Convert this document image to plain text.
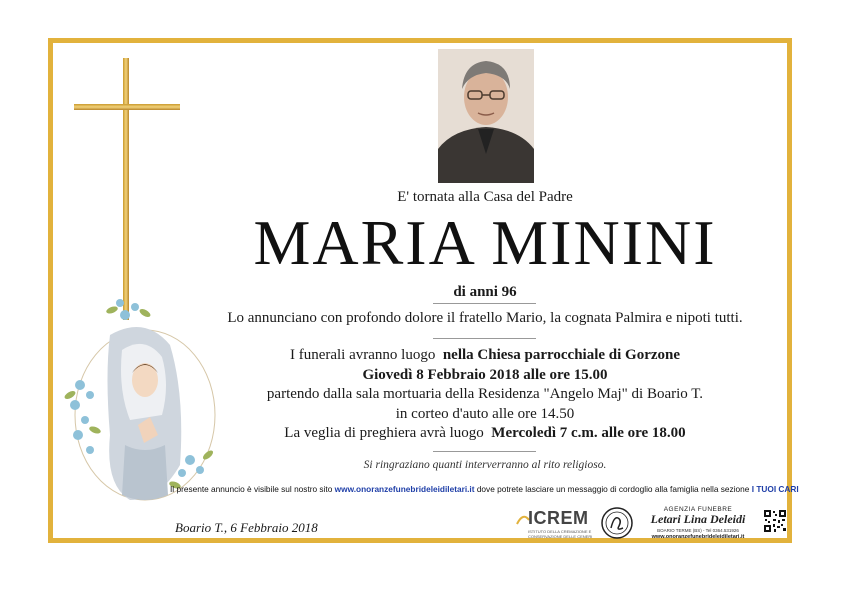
E' tornata alla Casa del Padre
MARIA MININI
di anni 96
Lo annunciano con profondo dolore il fratello Mario, la cognata Palmira e nipoti tutti.
I funerali avranno luogo nella Chiesa parrocchiale di Gorzone
Giovedì 8 Febbraio 2018 alle ore 15.00
partendo dalla sala mortuaria della Residenza "Angelo Maj" di Boario T.
in corteo d'auto alle ore 14.50
La veglia di preghiera avrà luogo Mercoledì 7 c.m. alle ore 18.00
Si ringraziano quanti interverranno al rito religioso.
Il presente annuncio è visibile sul nostro sito www.onoranzefunebrideleidiletari.it dove potrete lasciare un messaggio di cordoglio alla famiglia nella sezione I TUOI CARI
Boario T., 6 Febbraio 2018	ICREM
ISTITUTO DELLA CREMAZIONE E CONSERVAZIONE DELLE CENERI
AGENZIA FUNEBRE
Letari Lina Deleidi
BOARIO TERME (BS) - Tel 0364.531926
www.onoranzefunebrideleidiletari.it
